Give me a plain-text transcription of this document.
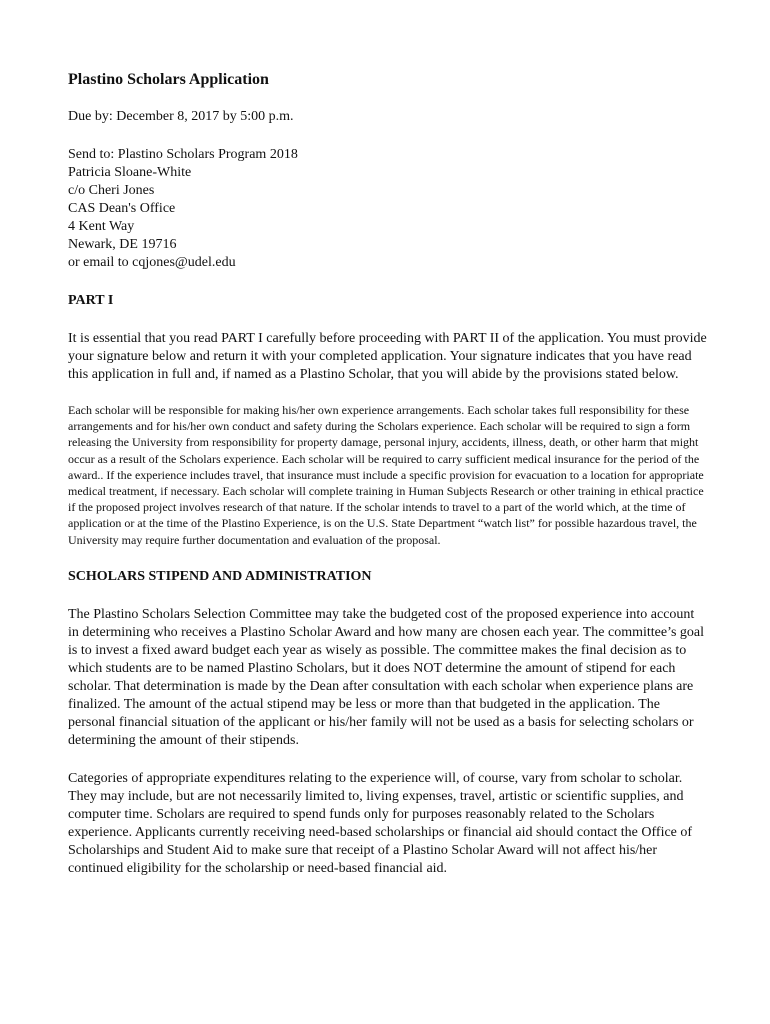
Plastino Scholars Application

Due by: December 8, 2017 by 5:00 p.m.

Send to: Plastino Scholars Program 2018

Patricia Sloane-White

c/o Cheri Jones

CAS Dean's Office

4 Kent Way

Newark, DE 19716

or email to cqjones@udel.edu

PART I

It is essential that you read PART I carefully before proceeding with PART II of the application. You must provide your signature below and return it with your completed application. Your signature indicates that you have read this application in full and, if named as a Plastino Scholar, that you will abide by the provisions stated below.

Each scholar will be responsible for making his/her own experience arrangements. Each scholar takes full responsibility for these arrangements and for his/her own conduct and safety during the Scholars experience. Each scholar will be required to sign a form releasing the University from responsibility for property damage, personal injury, accidents, illness, death, or other harm that might occur as a result of the Scholars experience. Each scholar will be required to carry sufficient medical insurance for the period of the award.. If the experience includes travel, that insurance must include a specific provision for evacuation to a location for appropriate medical treatment, if necessary. Each scholar will complete training in Human Subjects Research or other training in ethical practice if the proposed project involves research of that nature. If the scholar intends to travel to a part of the world which, at the time of application or at the time of the Plastino Experience, is on the U.S. State Department “watch list” for possible hazardous travel, the University may require further documentation and evaluation of the proposal.

SCHOLARS STIPEND AND ADMINISTRATION

The Plastino Scholars Selection Committee may take the budgeted cost of the proposed experience into account in determining who receives a Plastino Scholar Award and how many are chosen each year. The committee’s goal is to invest a fixed award budget each year as wisely as possible. The committee makes the final decision as to which students are to be named Plastino Scholars, but it does NOT determine the amount of stipend for each scholar. That determination is made by the Dean after consultation with each scholar when experience plans are finalized. The amount of the actual stipend may be less or more than that budgeted in the application. The personal financial situation of the applicant or his/her family will not be used as a basis for selecting scholars or determining the amount of their stipends.

Categories of appropriate expenditures relating to the experience will, of course, vary from scholar to scholar. They may include, but are not necessarily limited to, living expenses, travel, artistic or scientific supplies, and computer time. Scholars are required to spend funds only for purposes reasonably related to the Scholars experience. Applicants currently receiving need-based scholarships or financial aid should contact the Office of Scholarships and Student Aid to make sure that receipt of a Plastino Scholar Award will not affect his/her continued eligibility for the scholarship or need-based financial aid.
